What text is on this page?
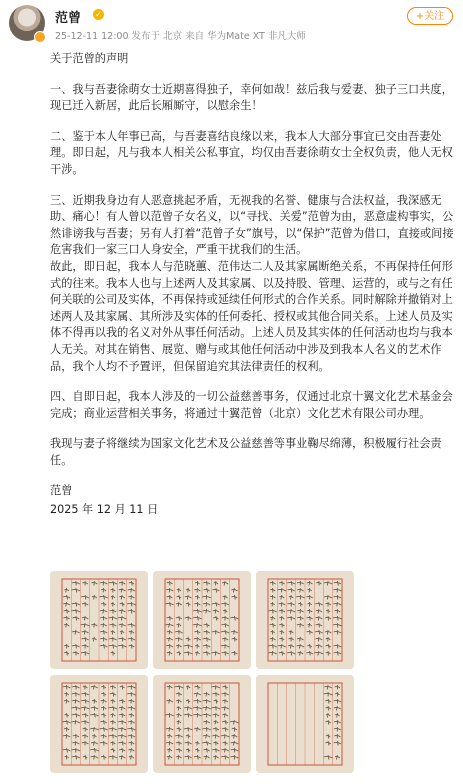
范曾 ✓
25-12-11 12:00 发布于 北京 来自 华为Mate XT 非凡大师
+关注

关于范曾的声明

一、我与吾妻徐萌女士近期喜得独子，幸何如哉！兹后我与爱妻、独子三口共度，现已迁入新居，此后长厢厮守，以慰余生！

二、鉴于本人年事已高，与吾妻喜结良缘以来，我本人大部分事宜已交由吾妻处理。即日起，凡与我本人相关公私事宜，均仅由吾妻徐萌女士全权负责，他人无权干涉。

三、近期我身边有人恶意挑起矛盾，无视我的名誉、健康与合法权益，我深感无助、痛心！有人曾以范曾子女名义，以“寻找、关爱”范曾为由，恶意虚构事实，公然诽谤我与吾妻；另有人打着“范曾子女”旗号，以“保护”范曾为借口，直接或间接危害我们一家三口人身安全，严重干扰我们的生活。

故此，即日起，我本人与范晓蕙、范伟达二人及其家属断绝关系，不再保持任何形式的往来。我本人也与上述两人及其家属、以及持股、管理、运营的，或与之有任何关联的公司及实体，不再保持或延续任何形式的合作关系。同时解除并撤销对上述两人及其家属、其所涉及实体的任何委托、授权或其他合同关系。上述人员及实体不得再以我的名义对外从事任何活动。上述人员及其实体的任何活动也均与我本人无关。对其在销售、展览、赠与或其他任何活动中涉及到我本人名义的艺术作品，我个人均不予置评，但保留追究其法律责任的权利。

四、自即日起，我本人涉及的一切公益慈善事务，仅通过北京十翼文化艺术基金会完成；商业运营相关事务，将通过十翼范曾（北京）文化艺术有限公司办理。

我现与妻子将继续为国家文化艺术及公益慈善等事业鞠尽绵薄，积极履行社会责任。

范曾

2025 年 12 月 11 日
